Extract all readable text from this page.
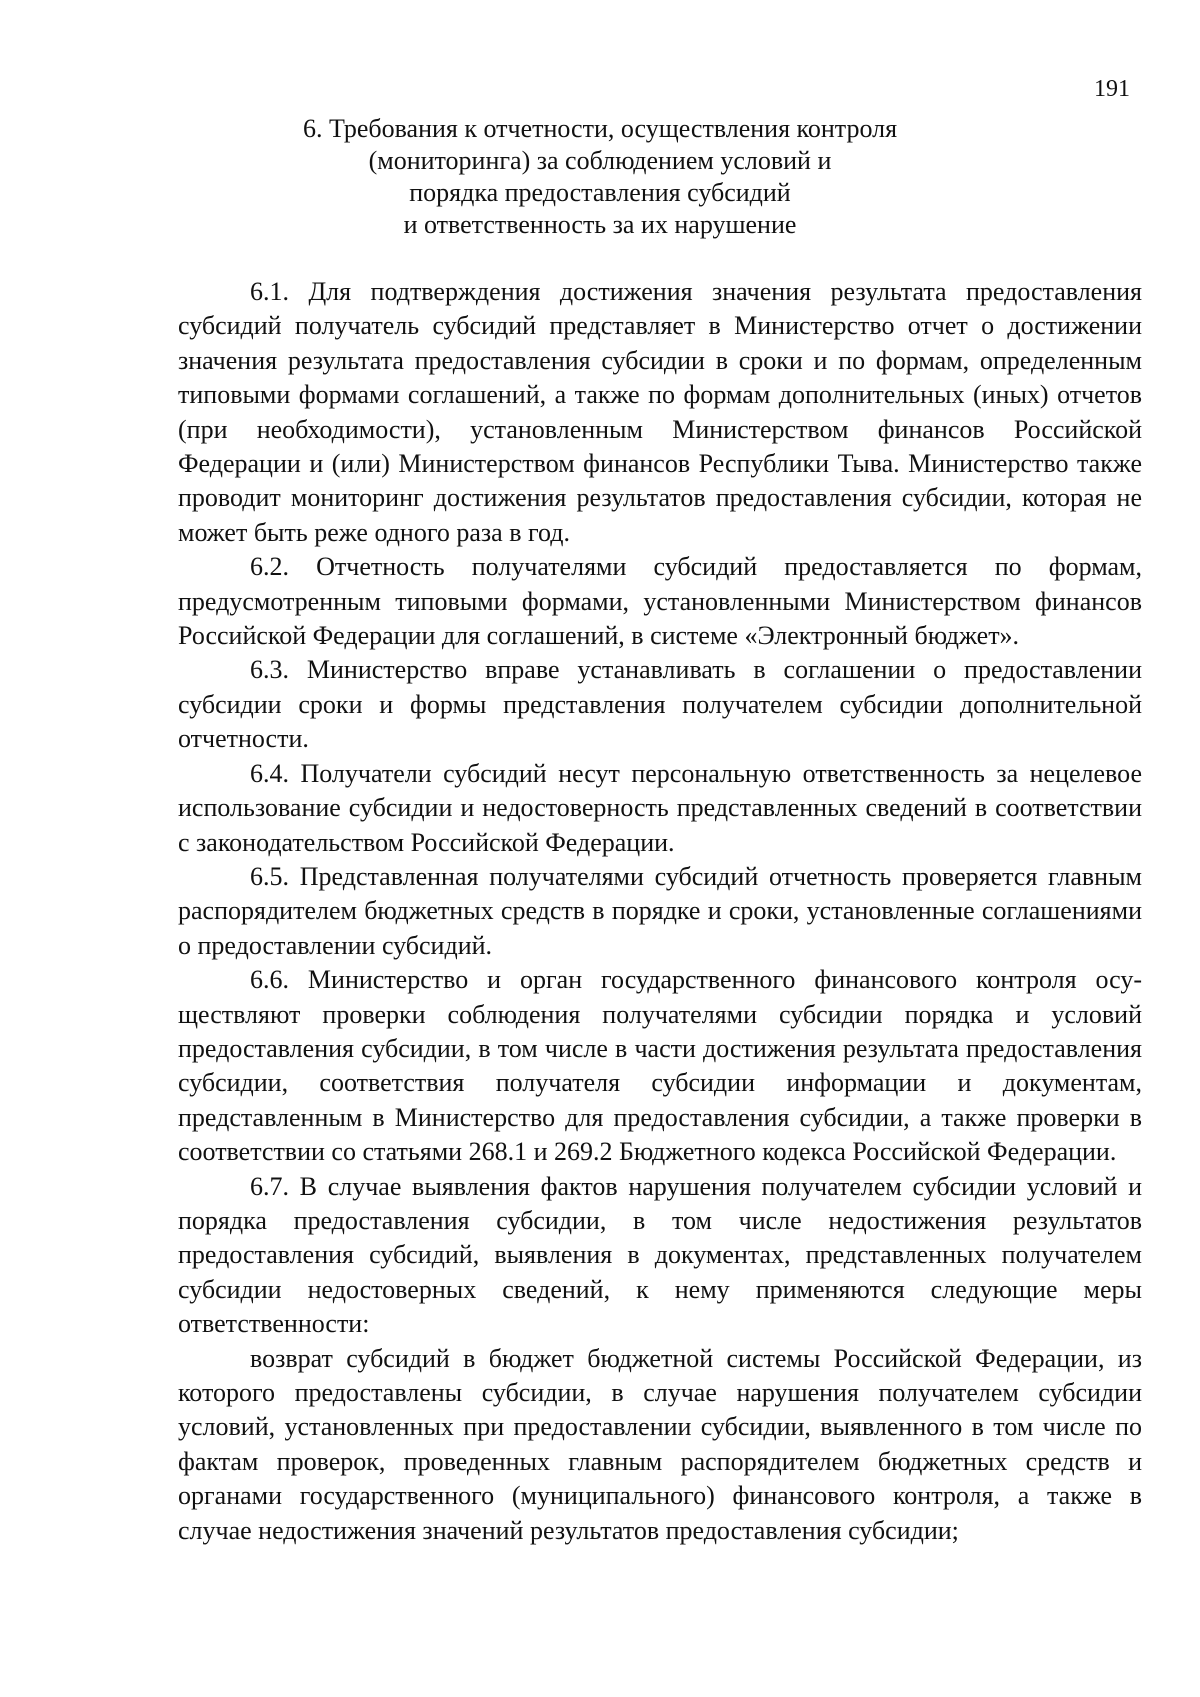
191
6. Требования к отчетности, осуществления контроля
(мониторинга) за соблюдением условий и
порядка предоставления субсидий
и ответственность за их нарушение

6.1. Для подтверждения достижения значения результата предоставления субсидий получатель субсидий представляет в Министерство отчет о достижении значения результата предоставления субсидии в сроки и по формам, определенным типовыми формами соглашений, а также по формам дополнительных (иных) отчетов (при необходимости), установленным Министерством финансов Российской Федерации и (или) Министерством финансов Республики Тыва. Министерство также проводит мониторинг достижения результатов предоставления субсидии, которая не может быть реже одного раза в год.

6.2. Отчетность получателями субсидий предоставляется по формам, предусмотренным типовыми формами, установленными Министерством финансов Российской Федерации для соглашений, в системе «Электронный бюджет».

6.3. Министерство вправе устанавливать в соглашении о предоставлении субсидии сроки и формы представления получателем субсидии дополнительной отчетности.

6.4. Получатели субсидий несут персональную ответственность за нецелевое использование субсидии и недостоверность представленных сведений в соответствии с законодательством Российской Федерации.

6.5. Представленная получателями субсидий отчетность проверяется главным распорядителем бюджетных средств в порядке и сроки, установленные соглашениями о предоставлении субсидий.

6.6. Министерство и орган государственного финансового контроля осуществляют проверки соблюдения получателями субсидии порядка и условий предоставления субсидии, в том числе в части достижения результата предоставления субсидии, соответствия получателя субсидии информации и документам, представленным в Министерство для предоставления субсидии, а также проверки в соответствии со статьями 268.1 и 269.2 Бюджетного кодекса Российской Федерации.

6.7. В случае выявления фактов нарушения получателем субсидии условий и порядка предоставления субсидии, в том числе недостижения результатов предоставления субсидий, выявления в документах, представленных получателем субсидии недостоверных сведений, к нему применяются следующие меры ответственности:

возврат субсидий в бюджет бюджетной системы Российской Федерации, из которого предоставлены субсидии, в случае нарушения получателем субсидии условий, установленных при предоставлении субсидии, выявленного в том числе по фактам проверок, проведенных главным распорядителем бюджетных средств и органами государственного (муниципального) финансового контроля, а также в случае недостижения значений результатов предоставления субсидии;
